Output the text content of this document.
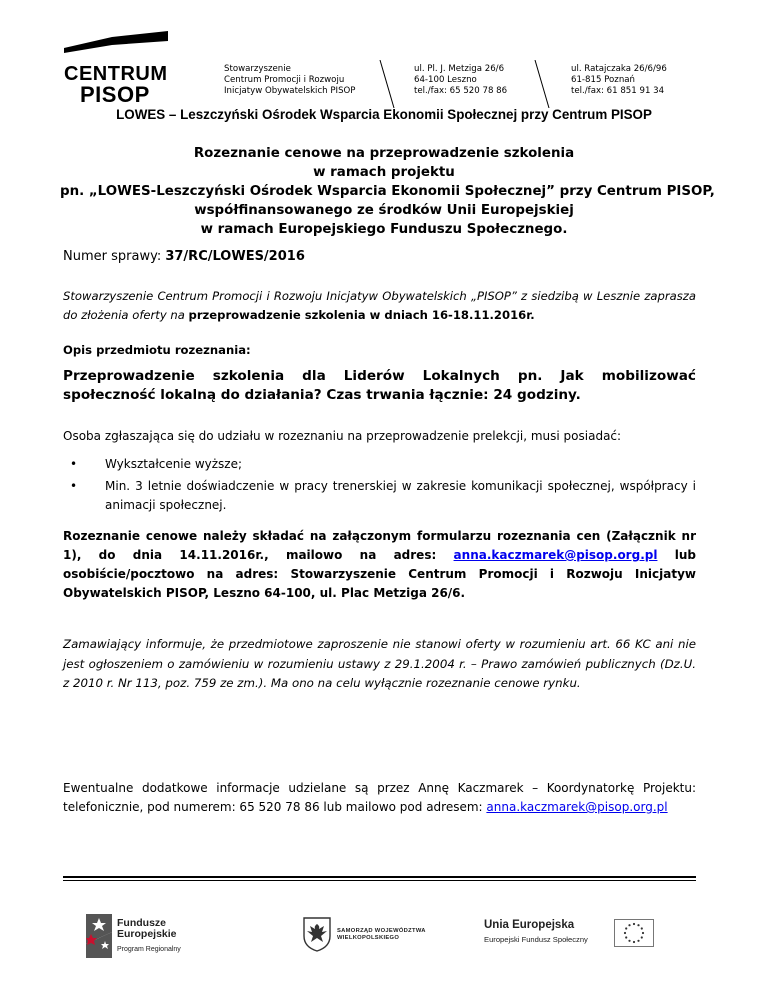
CENTRUM
PISOP
Stowarzyszenie
Centrum Promocji i Rozwoju
Inicjatyw Obywatelskich PISOP
ul. Pl. J. Metziga 26/6
64-100 Leszno
tel./fax: 65 520 78 86
ul. Ratajczaka 26/6/96
61-815 Poznań
tel./fax: 61 851 91 34
LOWES – Leszczyński Ośrodek Wsparcia Ekonomii Społecznej przy Centrum PISOP
Rozeznanie cenowe na przeprowadzenie szkolenia
w ramach projektu
pn. „LOWES-Leszczyński Ośrodek Wsparcia Ekonomii Społecznej” przy Centrum PISOP,
współfinansowanego ze środków Unii Europejskiej
w ramach Europejskiego Funduszu Społecznego.
Numer sprawy: 37/RC/LOWES/2016
Stowarzyszenie Centrum Promocji i Rozwoju Inicjatyw Obywatelskich „PISOP” z siedzibą w Lesznie zaprasza do złożenia oferty na przeprowadzenie szkolenia w dniach 16-18.11.2016r.
Opis przedmiotu rozeznania:
Przeprowadzenie szkolenia dla Liderów Lokalnych pn. Jak mobilizować społeczność lokalną do działania? Czas trwania łącznie: 24 godziny.
Osoba zgłaszająca się do udziału w rozeznaniu na przeprowadzenie prelekcji, musi posiadać:
• Wykształcenie wyższe;
• Min. 3 letnie doświadczenie w pracy trenerskiej w zakresie komunikacji społecznej, współpracy i animacji społecznej.
Rozeznanie cenowe należy składać na załączonym formularzu rozeznania cen (Załącznik nr 1), do dnia 14.11.2016r., mailowo na adres: anna.kaczmarek@pisop.org.pl lub osobiście/pocztowo na adres: Stowarzyszenie Centrum Promocji i Rozwoju Inicjatyw Obywatelskich PISOP, Leszno 64-100, ul. Plac Metziga 26/6.
Zamawiający informuje, że przedmiotowe zaproszenie nie stanowi oferty w rozumieniu art. 66 KC ani nie jest ogłoszeniem o zamówieniu w rozumieniu ustawy z 29.1.2004 r. – Prawo zamówień publicznych (Dz.U. z 2010 r. Nr 113, poz. 759 ze zm.). Ma ono na celu wyłącznie rozeznanie cenowe rynku.
Ewentualne dodatkowe informacje udzielane są przez Annę Kaczmarek – Koordynatorkę Projektu: telefonicznie, pod numerem: 65 520 78 86 lub mailowo pod adresem: anna.kaczmarek@pisop.org.pl
Fundusze
Europejskie
Program Regionalny
SAMORZĄD WOJEWÓDZTWA
WIELKOPOLSKIEGO
Unia Europejska
Europejski Fundusz Społeczny
